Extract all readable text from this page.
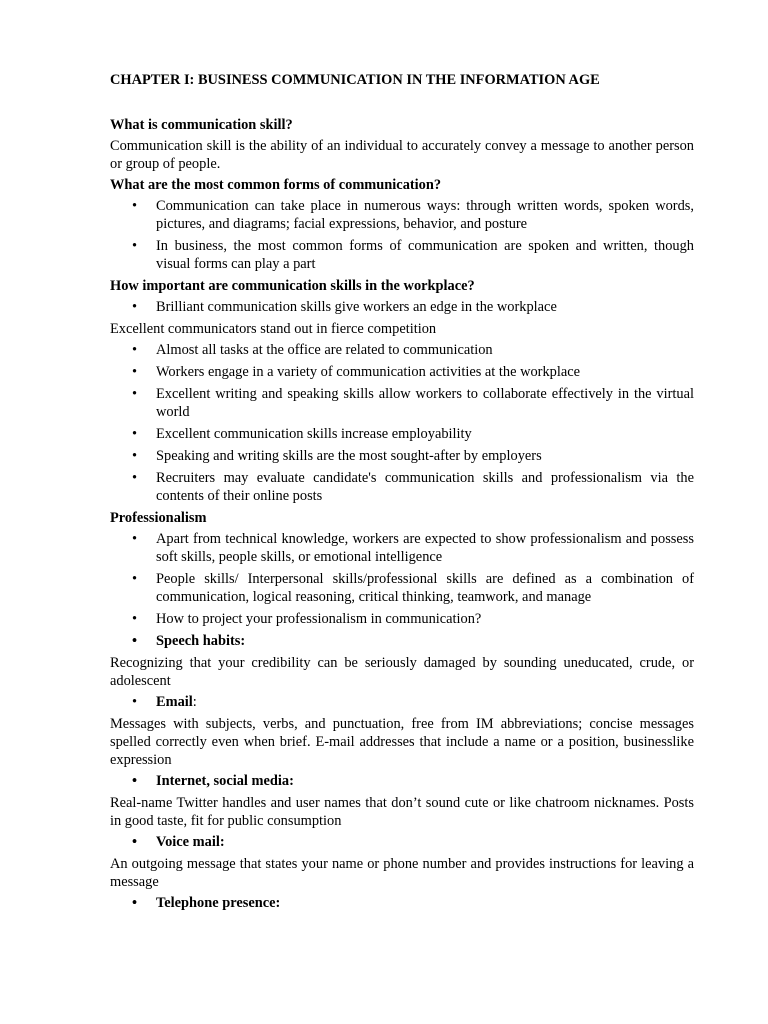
CHAPTER I: BUSINESS COMMUNICATION IN THE INFORMATION AGE
What is communication skill?
Communication skill is the ability of an individual to accurately convey a message to another person or group of people.
What are the most common forms of communication?
•	Communication can take place in numerous ways: through written words, spoken words, pictures, and diagrams; facial expressions, behavior, and posture
•	In business, the most common forms of communication are spoken and written, though visual forms can play a part
How important are communication skills in the workplace?
•	Brilliant communication skills give workers an edge in the workplace
Excellent communicators stand out in fierce competition
•	Almost all tasks at the office are related to communication
•	Workers engage in a variety of communication activities at the workplace
•	Excellent writing and speaking skills allow workers to collaborate effectively in the virtual world
•	Excellent communication skills increase employability
•	Speaking and writing skills are the most sought-after by employers
•	Recruiters may evaluate candidate's communication skills and professionalism via the contents of their online posts
Professionalism
•	Apart from technical knowledge, workers are expected to show professionalism and possess soft skills, people skills, or emotional intelligence
•	People skills/ Interpersonal skills/professional skills are defined as a combination of communication, logical reasoning, critical thinking, teamwork, and manage
•	How to project your professionalism in communication?
•	Speech habits:
Recognizing that your credibility can be seriously damaged by sounding uneducated, crude, or adolescent
•	Email:
Messages with subjects, verbs, and punctuation, free from IM abbreviations; concise messages spelled correctly even when brief. E-mail addresses that include a name or a position, businesslike expression
•	Internet, social media:
Real-name Twitter handles and user names that don’t sound cute or like chatroom nicknames. Posts in good taste, fit for public consumption
•	Voice mail:
An outgoing message that states your name or phone number and provides instructions for leaving a message
•	Telephone presence:
